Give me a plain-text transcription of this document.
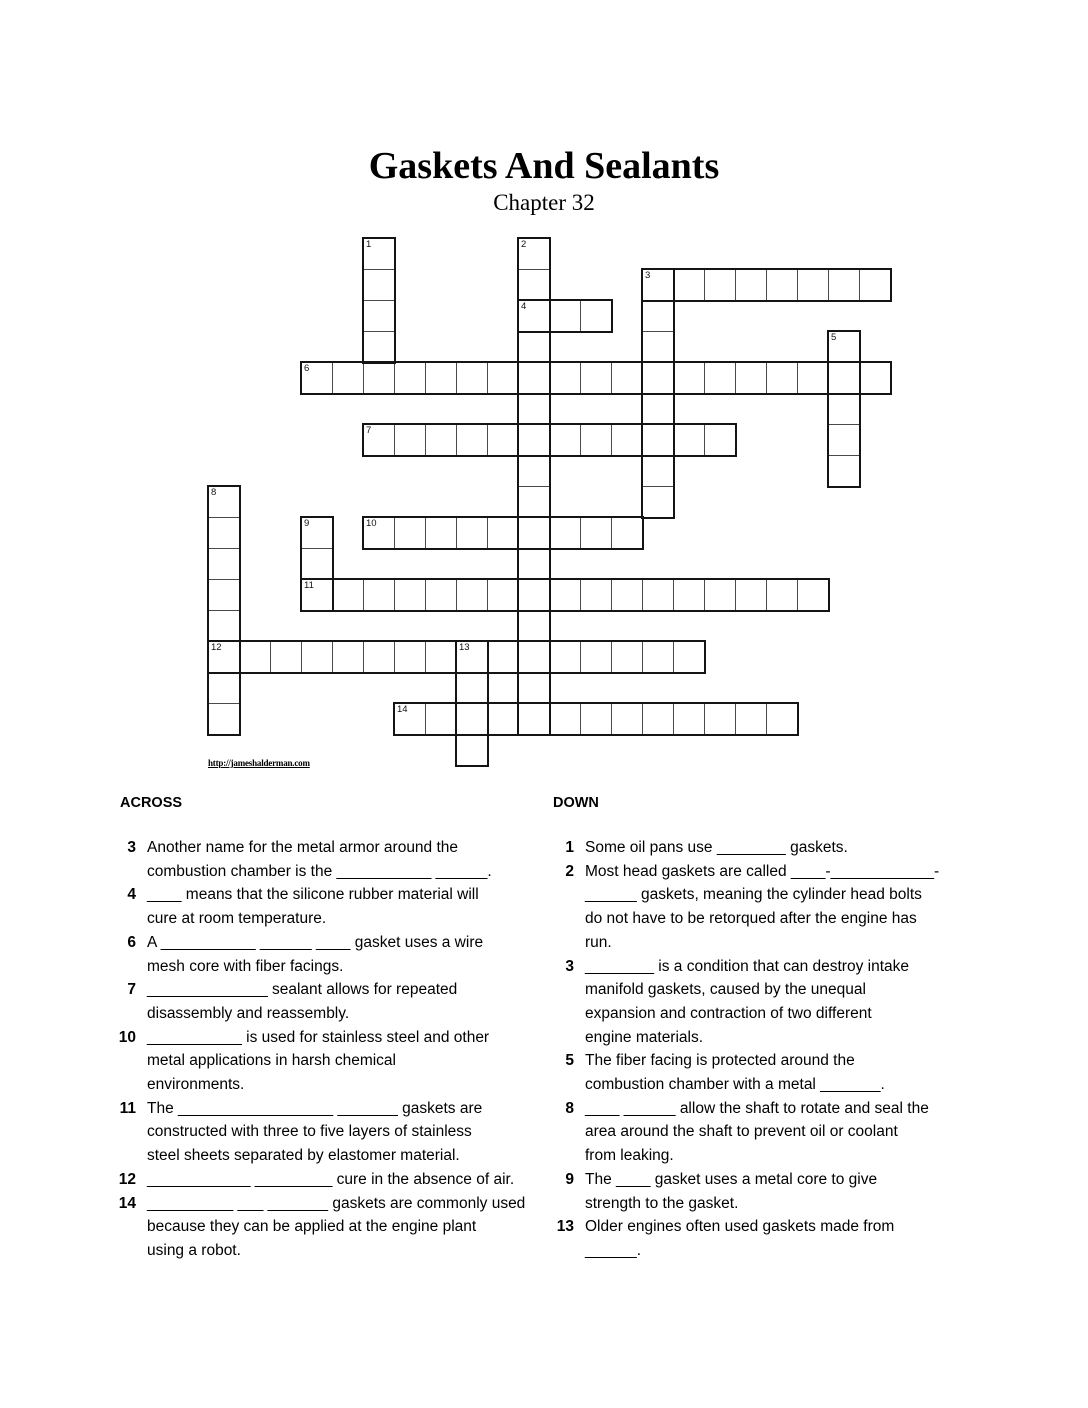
Gaskets And Sealants
Chapter 32
1	2
3
4
5
6
7
8
9	10
11
12	13
14
http://jameshalderman.com
ACROSS	DOWN
3 Another name for the metal armor around the
combustion chamber is the ___________ ______.
4 ____ means that the silicone rubber material will
cure at room temperature.
6 A ___________ ______ ____ gasket uses a wire
mesh core with fiber facings.
7 ______________ sealant allows for repeated
disassembly and reassembly.
10 ___________ is used for stainless steel and other
metal applications in harsh chemical
environments.
11 The __________________ _______ gaskets are
constructed with three to five layers of stainless
steel sheets separated by elastomer material.
12 ____________ _________ cure in the absence of air.
14 __________ ___ _______ gaskets are commonly used
because they can be applied at the engine plant
using a robot.
1 Some oil pans use ________ gaskets.
2 Most head gaskets are called ____-____________-
______ gaskets, meaning the cylinder head bolts
do not have to be retorqued after the engine has
run.
3 ________ is a condition that can destroy intake
manifold gaskets, caused by the unequal
expansion and contraction of two different
engine materials.
5 The fiber facing is protected around the
combustion chamber with a metal _______.
8 ____ ______ allow the shaft to rotate and seal the
area around the shaft to prevent oil or coolant
from leaking.
9 The ____ gasket uses a metal core to give
strength to the gasket.
13 Older engines often used gaskets made from
______.
